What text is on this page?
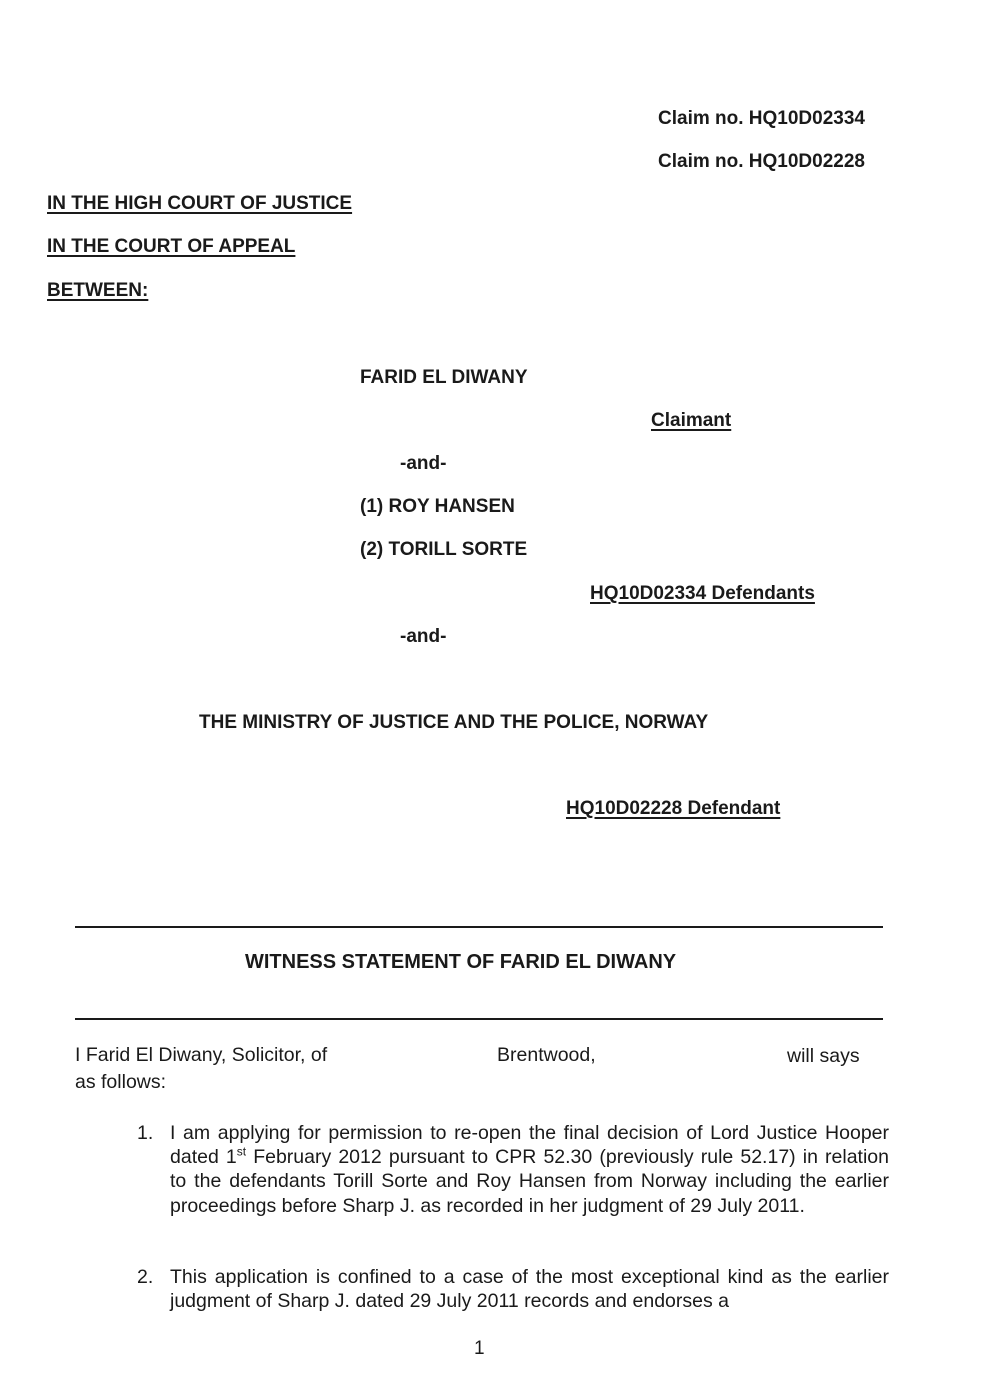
Claim no. HQ10D02334
Claim no. HQ10D02228
IN THE HIGH COURT OF JUSTICE
IN THE COURT OF APPEAL
BETWEEN:
FARID EL DIWANY
Claimant
-and-
(1) ROY HANSEN
(2) TORILL SORTE
HQ10D02334 Defendants
-and-
THE MINISTRY OF JUSTICE AND THE POLICE, NORWAY
HQ10D02228 Defendant
WITNESS STATEMENT OF FARID EL DIWANY
I Farid El Diwany, Solicitor, of	Brentwood,	will says
as follows:
1. I am applying for permission to re-open the final decision of Lord Justice Hooper dated 1st February 2012 pursuant to CPR 52.30 (previously rule 52.17) in relation to the defendants Torill Sorte and Roy Hansen from Norway including the earlier proceedings before Sharp J. as recorded in her judgment of 29 July 2011.
2. This application is confined to a case of the most exceptional kind as the earlier judgment of Sharp J. dated 29 July 2011 records and endorses a
1
